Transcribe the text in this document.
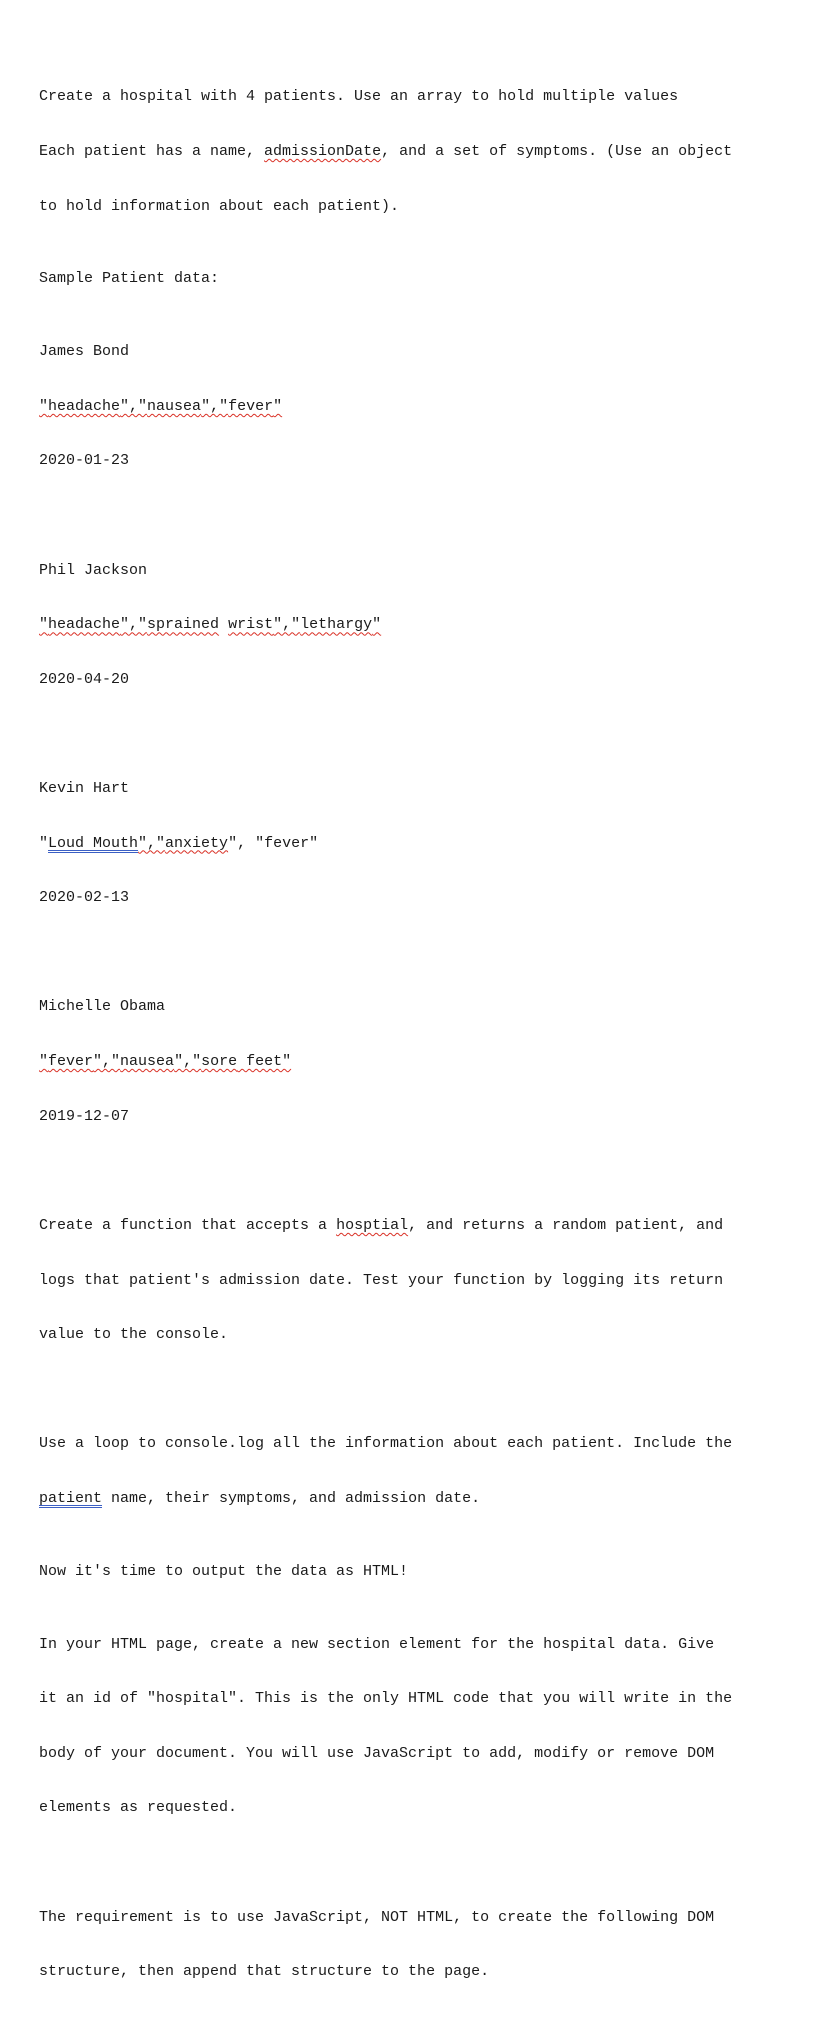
Create a hospital with 4 patients. Use an array to hold multiple values

Each patient has a name, admissionDate, and a set of symptoms. (Use an object

to hold information about each patient).

Sample Patient data:

James Bond

"headache","nausea","fever"

2020-01-23

Phil Jackson

"headache","sprained wrist","lethargy"

2020-04-20

Kevin Hart

"Loud Mouth","anxiety", "fever"

2020-02-13

Michelle Obama

"fever","nausea","sore feet"

2019-12-07

Create a function that accepts a hosptial, and returns a random patient, and

logs that patient's admission date. Test your function by logging its return

value to the console.

Use a loop to console.log all the information about each patient. Include the

patient name, their symptoms, and admission date.

Now it's time to output the data as HTML!

In your HTML page, create a new section element for the hospital data. Give

it an id of "hospital". This is the only HTML code that you will write in the

body of your document. You will use JavaScript to add, modify or remove DOM

elements as requested.

The requirement is to use JavaScript, NOT HTML, to create the following DOM

structure, then append that structure to the page.
